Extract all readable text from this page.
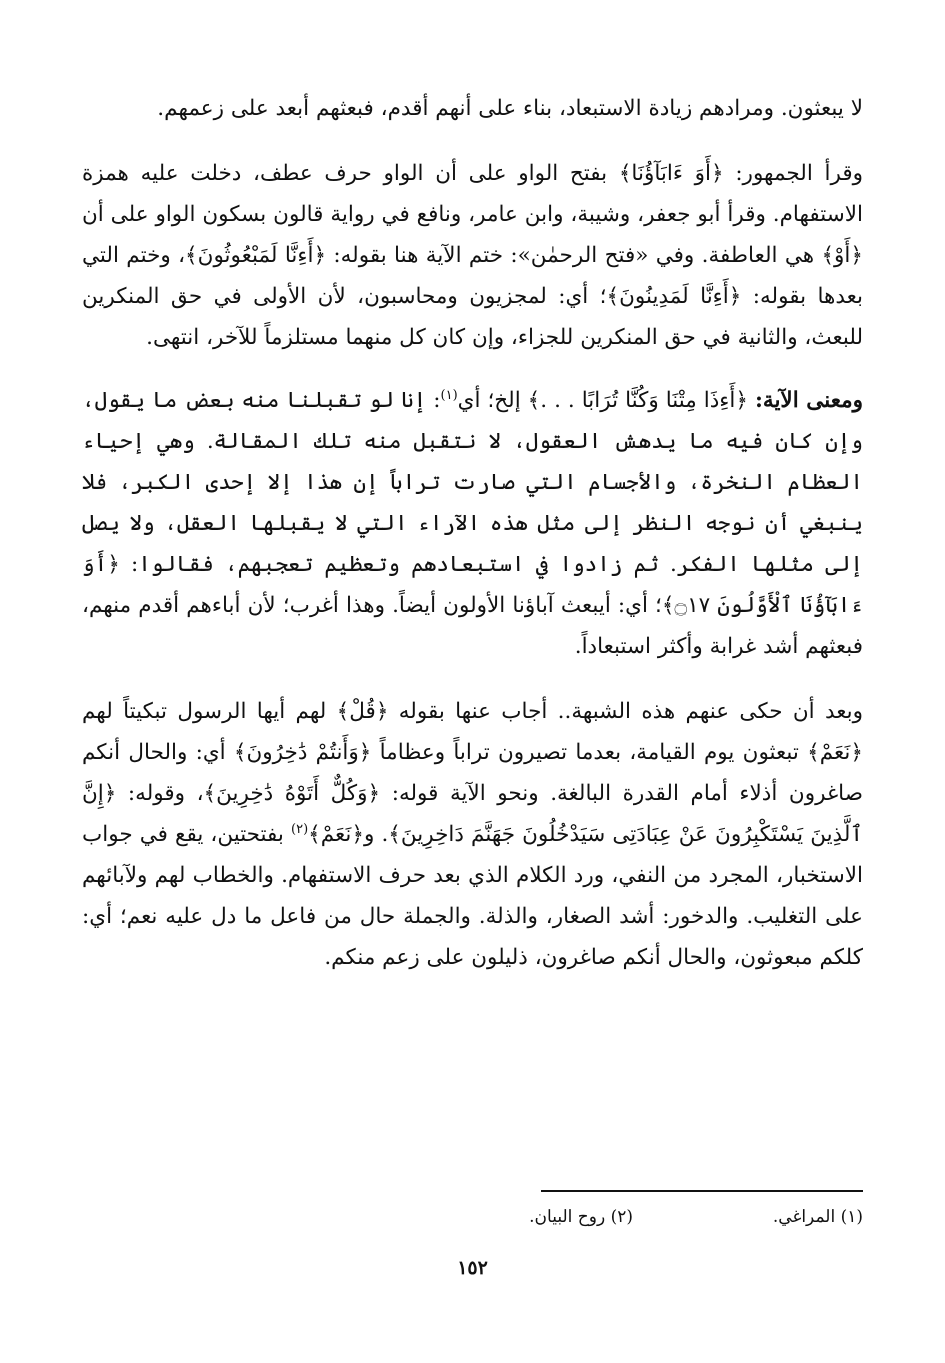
لا يبعثون. ومرادهم زيادة الاستبعاد، بناء على أنهم أقدم، فبعثهم أبعد على زعمهم.

وقرأ الجمهور: ﴿أَوَ ءَابَآؤُنَا﴾ بفتح الواو على أن الواو حرف عطف، دخلت عليه همزة الاستفهام. وقرأ أبو جعفر، وشيبة، وابن عامر، ونافع في رواية قالون بسكون الواو على أن ﴿أَوْ﴾ هي العاطفة. وفي «فتح الرحمٰن»: ختم الآية هنا بقوله: ﴿أَءِنَّا لَمَبْعُوثُونَ﴾، وختم التي بعدها بقوله: ﴿أَءِنَّا لَمَدِينُونَ﴾؛ أي: لمجزيون ومحاسبون، لأن الأولى في حق المنكرين للبعث، والثانية في حق المنكرين للجزاء، وإن كان كل منهما مستلزماً للآخر، انتهى.

ومعنى الآية: ﴿أَءِذَا مِتْنَا وَكُنَّا تُرَابًا . . .﴾ إلخ؛ أي$^{(١)}$: إنا لو تقبلنا منه بعض ما يقول، وإن كان فيه ما يدهش العقول، لا نتقبل منه تلك المقالة. وهي إحياء العظام النخرة، والأجسام التي صارت تراباً إن هذا إلا إحدى الكبر، فلا ينبغي أن نوجه النظر إلى مثل هذه الآراء التي لا يقبلها العقل، ولا يصل إلى مثلها الفكر. ثم زادوا في استبعادهم وتعظيم تعجبهم، فقالوا: ﴿أَوَ ءَابَآؤُنَا ٱلْأَوَّلُونَ ۝١٧﴾؛ أي: أيبعث آباؤنا الأولون أيضاً. وهذا أغرب؛ لأن أباءهم أقدم منهم، فبعثهم أشد غرابة وأكثر استبعاداً.

وبعد أن حكى عنهم هذه الشبهة.. أجاب عنها بقوله ﴿قُلْ﴾ لهم أيها الرسول تبكيتاً لهم ﴿نَعَمْ﴾ تبعثون يوم القيامة، بعدما تصيرون تراباً وعظاماً ﴿وَأَنتُمْ دَٰخِرُونَ﴾ أي: والحال أنكم صاغرون أذلاء أمام القدرة البالغة. ونحو الآية قوله: ﴿وَكُلٌّ أَتَوْهُ دَٰخِرِينَ﴾، وقوله: ﴿إِنَّ ٱلَّذِينَ يَسْتَكْبِرُونَ عَنْ عِبَادَتِى سَيَدْخُلُونَ جَهَنَّمَ دَاخِرِينَ﴾. و﴿نَعَمْ﴾$^{(٢)}$ بفتحتين، يقع في جواب الاستخبار، المجرد من النفي، ورد الكلام الذي بعد حرف الاستفهام. والخطاب لهم ولآبائهم على التغليب. والدخور: أشد الصغار، والذلة. والجملة حال من فاعل ما دل عليه نعم؛ أي: كلكم مبعوثون، والحال أنكم صاغرون، ذليلون على زعم منكم.

(١) المراغي.
(٢) روح البيان.
١٥٢
